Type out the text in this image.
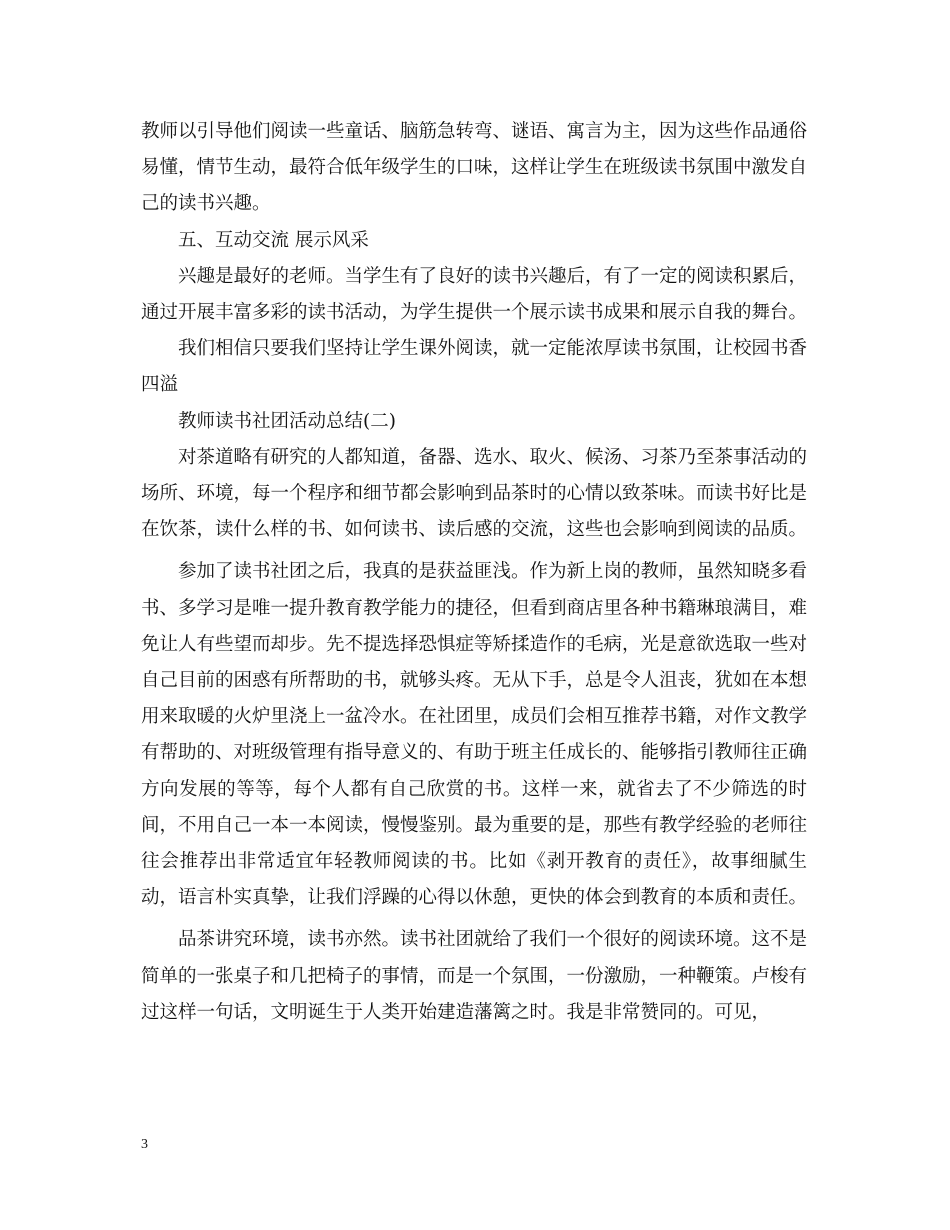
教师以引导他们阅读一些童话、脑筋急转弯、谜语、寓言为主，因为这些作品通俗易懂，情节生动，最符合低年级学生的口味，这样让学生在班级读书氛围中激发自己的读书兴趣。

五、互动交流 展示风采

兴趣是最好的老师。当学生有了良好的读书兴趣后，有了一定的阅读积累后，通过开展丰富多彩的读书活动，为学生提供一个展示读书成果和展示自我的舞台。

我们相信只要我们坚持让学生课外阅读，就一定能浓厚读书氛围，让校园书香四溢

教师读书社团活动总结(二)

对茶道略有研究的人都知道，备器、选水、取火、候汤、习茶乃至茶事活动的场所、环境，每一个程序和细节都会影响到品茶时的心情以致茶味。而读书好比是在饮茶，读什么样的书、如何读书、读后感的交流，这些也会影响到阅读的品质。

参加了读书社团之后，我真的是获益匪浅。作为新上岗的教师，虽然知晓多看书、多学习是唯一提升教育教学能力的捷径，但看到商店里各种书籍琳琅满目，难免让人有些望而却步。先不提选择恐惧症等矫揉造作的毛病，光是意欲选取一些对自己目前的困惑有所帮助的书，就够头疼。无从下手，总是令人沮丧，犹如在本想用来取暖的火炉里浇上一盆冷水。在社团里，成员们会相互推荐书籍，对作文教学有帮助的、对班级管理有指导意义的、有助于班主任成长的、能够指引教师往正确方向发展的等等，每个人都有自己欣赏的书。这样一来，就省去了不少筛选的时间，不用自己一本一本阅读，慢慢鉴别。最为重要的是，那些有教学经验的老师往往会推荐出非常适宜年轻教师阅读的书。比如《剥开教育的责任》，故事细腻生动，语言朴实真挚，让我们浮躁的心得以休憩，更快的体会到教育的本质和责任。

品茶讲究环境，读书亦然。读书社团就给了我们一个很好的阅读环境。这不是简单的一张桌子和几把椅子的事情，而是一个氛围，一份激励，一种鞭策。卢梭有过这样一句话，文明诞生于人类开始建造藩篱之时。我是非常赞同的。可见，

3
